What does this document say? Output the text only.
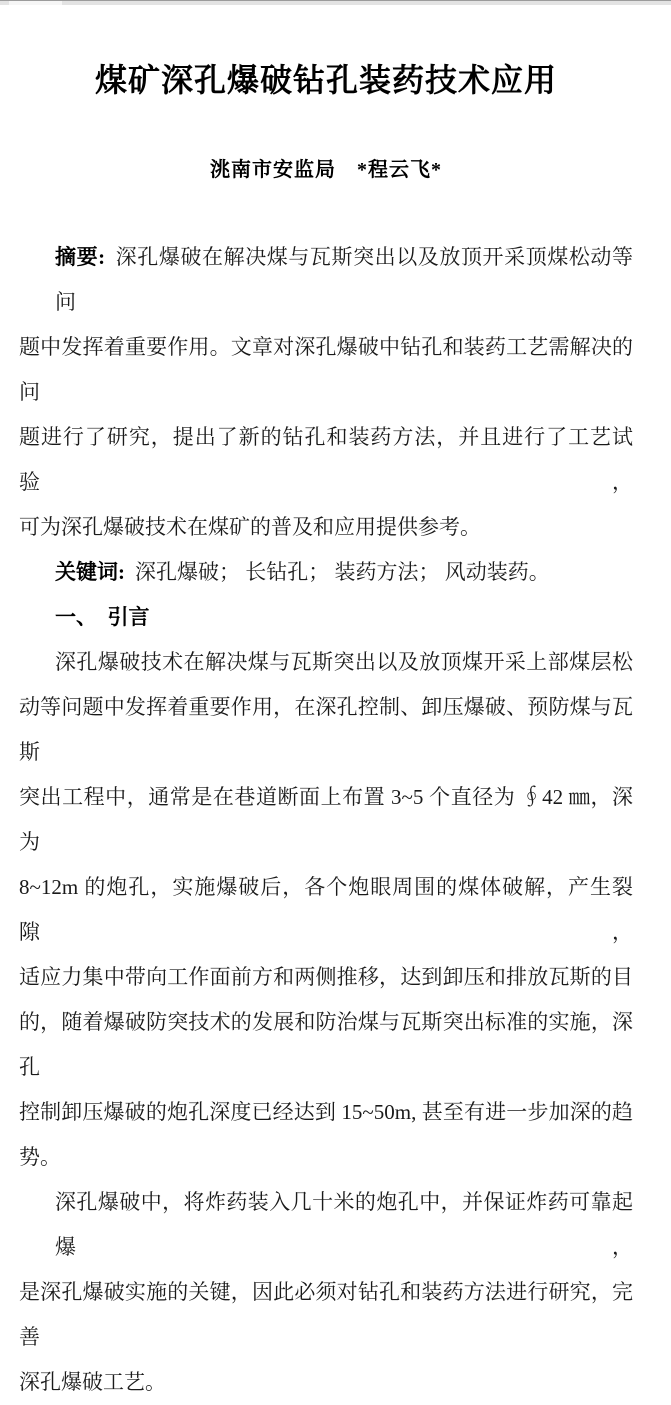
煤矿深孔爆破钻孔装药技术应用
洮南市安监局　*程云飞*
摘要: 深孔爆破在解决煤与瓦斯突出以及放顶开采顶煤松动等问
题中发挥着重要作用。文章对深孔爆破中钻孔和装药工艺需解决的问
题进行了研究，提出了新的钻孔和装药方法，并且进行了工艺试验，
可为深孔爆破技术在煤矿的普及和应用提供参考。
关键词: 深孔爆破； 长钻孔； 装药方法； 风动装药。
一、　引言
深孔爆破技术在解决煤与瓦斯突出以及放顶煤开采上部煤层松
动等问题中发挥着重要作用，在深孔控制、卸压爆破、预防煤与瓦斯
突出工程中，通常是在巷道断面上布置 3~5 个直径为 ∮42 ㎜，深为
8~12m 的炮孔，实施爆破后，各个炮眼周围的煤体破解，产生裂隙，
适应力集中带向工作面前方和两侧推移，达到卸压和排放瓦斯的目
的，随着爆破防突技术的发展和防治煤与瓦斯突出标准的实施，深孔
控制卸压爆破的炮孔深度已经达到 15~50m, 甚至有进一步加深的趋
势。
深孔爆破中，将炸药装入几十米的炮孔中，并保证炸药可靠起爆，
是深孔爆破实施的关键，因此必须对钻孔和装药方法进行研究，完善
深孔爆破工艺。
